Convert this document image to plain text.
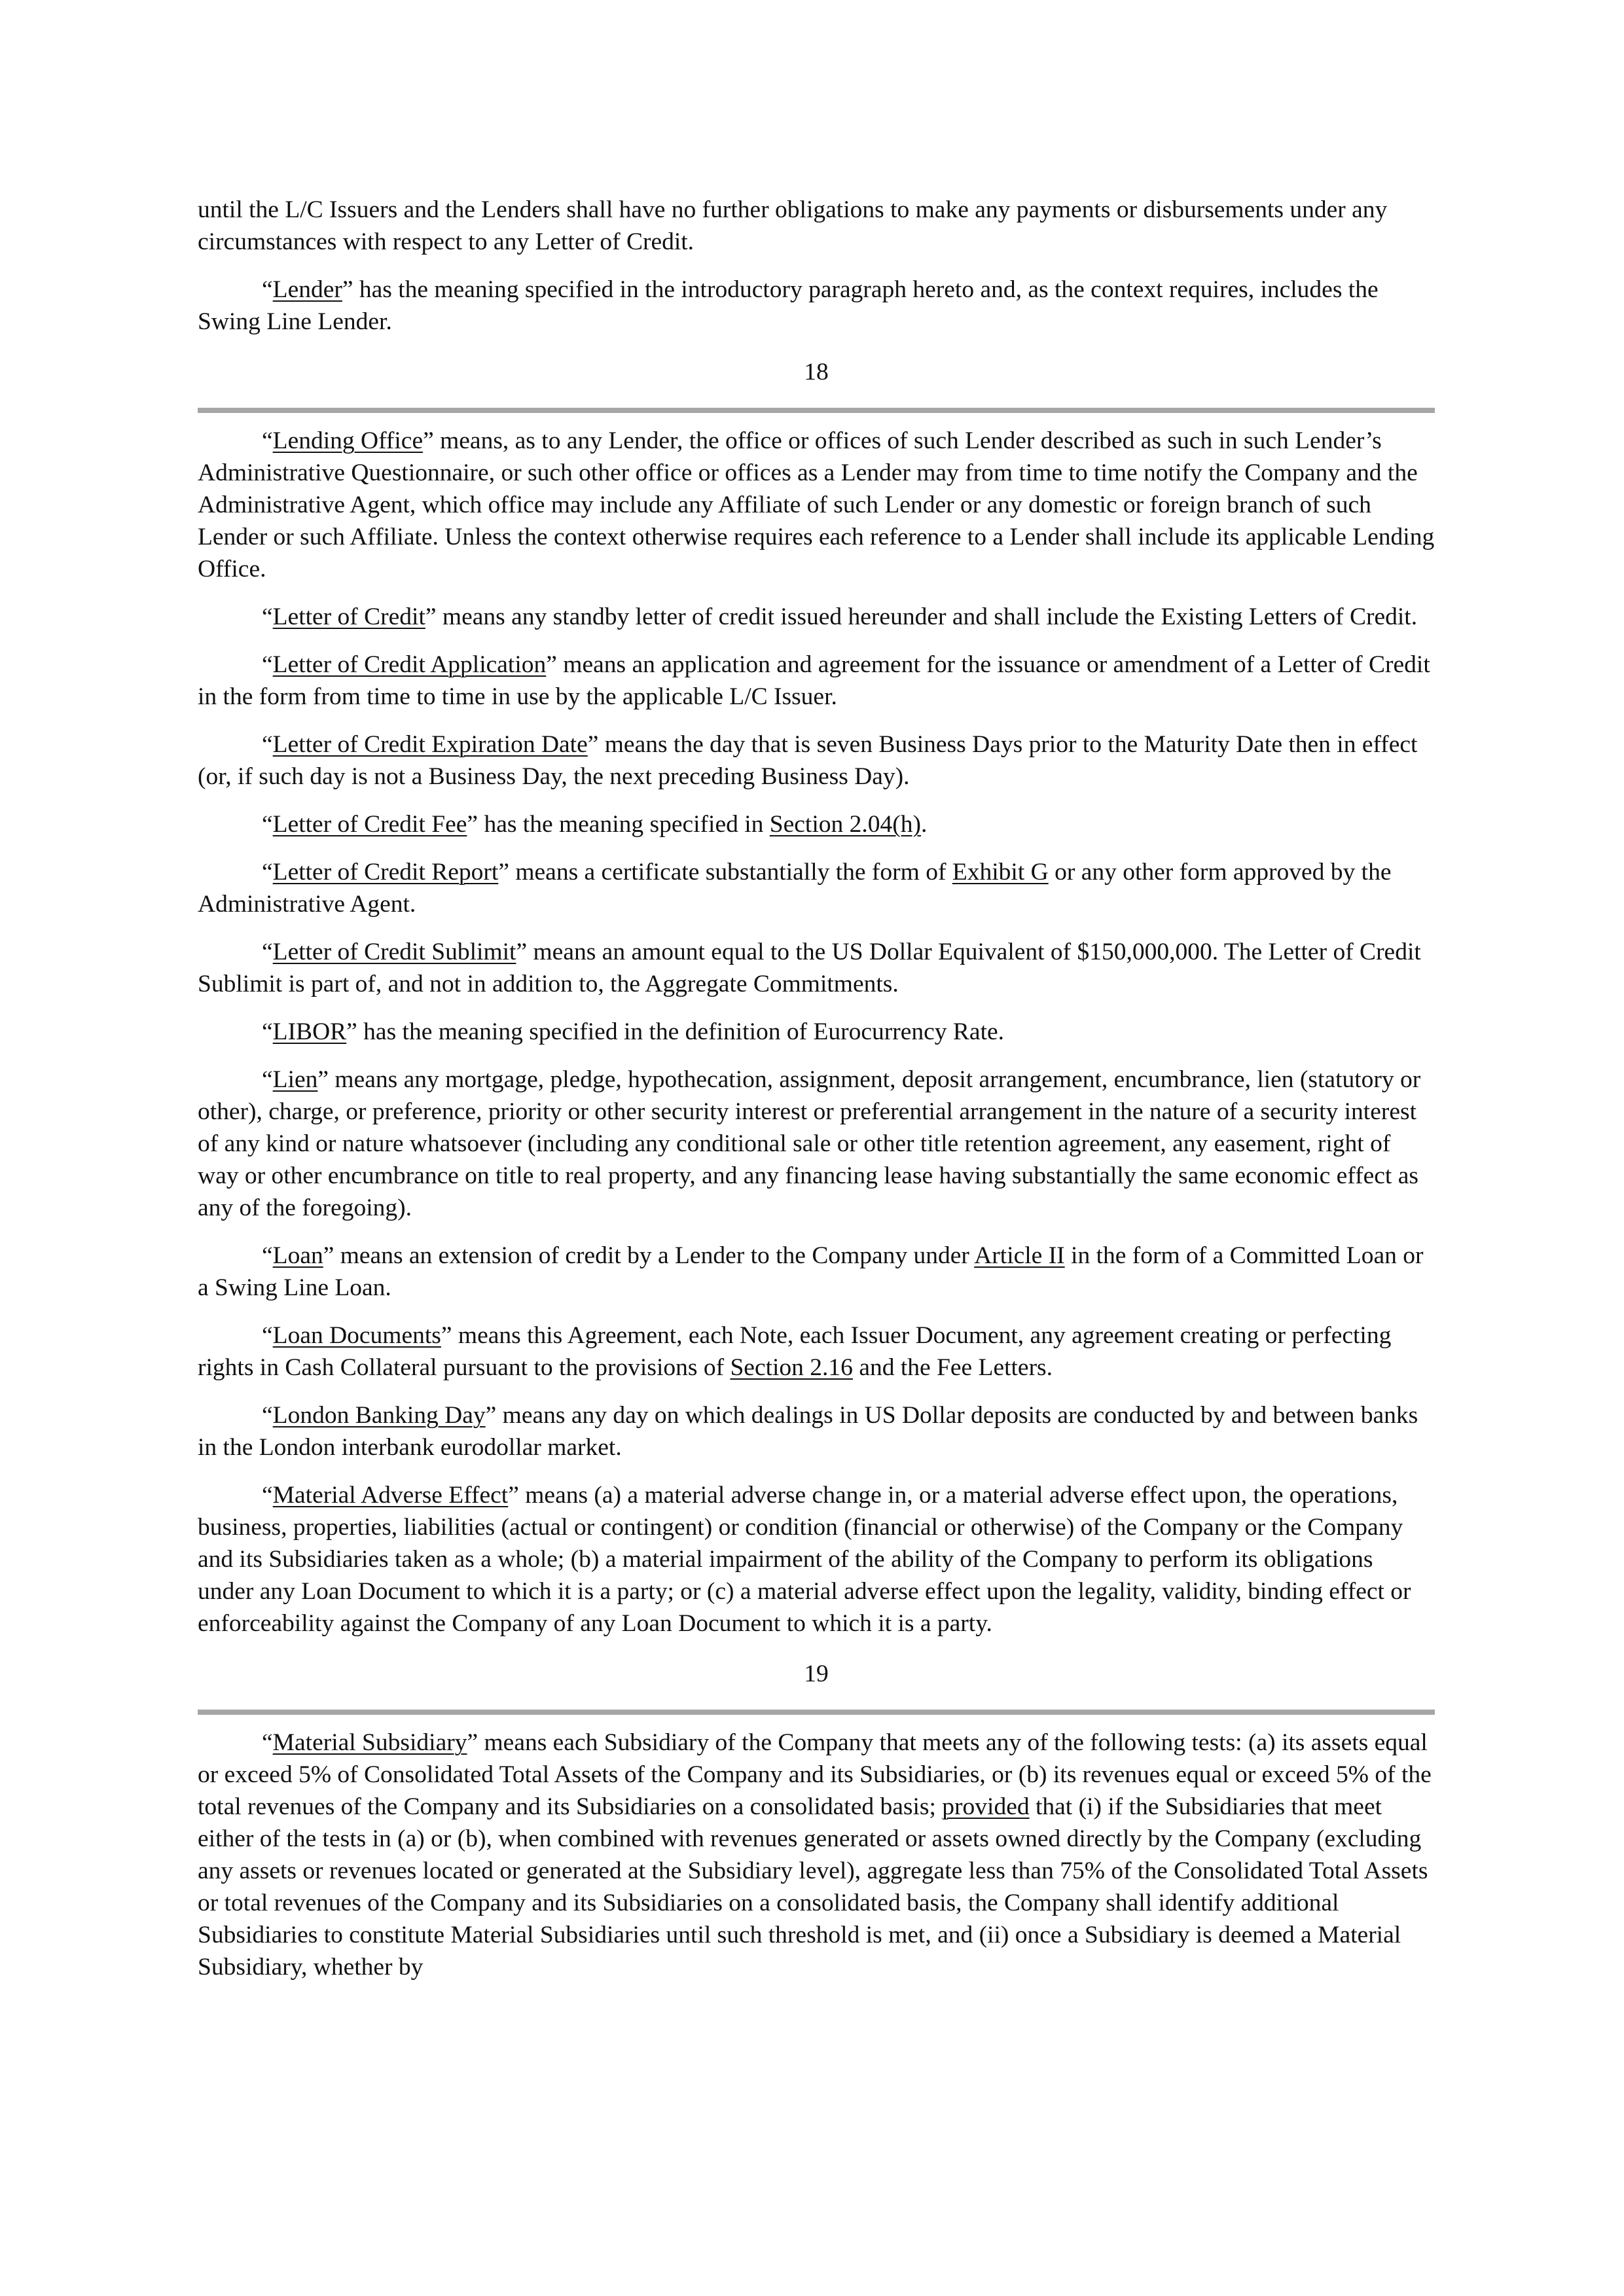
until the L/C Issuers and the Lenders shall have no further obligations to make any payments or disbursements under any circumstances with respect to any Letter of Credit.

“Lender” has the meaning specified in the introductory paragraph hereto and, as the context requires, includes the Swing Line Lender.

18

“Lending Office” means, as to any Lender, the office or offices of such Lender described as such in such Lender’s Administrative Questionnaire, or such other office or offices as a Lender may from time to time notify the Company and the Administrative Agent, which office may include any Affiliate of such Lender or any domestic or foreign branch of such Lender or such Affiliate. Unless the context otherwise requires each reference to a Lender shall include its applicable Lending Office.

“Letter of Credit” means any standby letter of credit issued hereunder and shall include the Existing Letters of Credit.

“Letter of Credit Application” means an application and agreement for the issuance or amendment of a Letter of Credit in the form from time to time in use by the applicable L/C Issuer.

“Letter of Credit Expiration Date” means the day that is seven Business Days prior to the Maturity Date then in effect (or, if such day is not a Business Day, the next preceding Business Day).

“Letter of Credit Fee” has the meaning specified in Section 2.04(h).

“Letter of Credit Report” means a certificate substantially the form of Exhibit G or any other form approved by the Administrative Agent.

“Letter of Credit Sublimit” means an amount equal to the US Dollar Equivalent of $150,000,000. The Letter of Credit Sublimit is part of, and not in addition to, the Aggregate Commitments.

“LIBOR” has the meaning specified in the definition of Eurocurrency Rate.

“Lien” means any mortgage, pledge, hypothecation, assignment, deposit arrangement, encumbrance, lien (statutory or other), charge, or preference, priority or other security interest or preferential arrangement in the nature of a security interest of any kind or nature whatsoever (including any conditional sale or other title retention agreement, any easement, right of way or other encumbrance on title to real property, and any financing lease having substantially the same economic effect as any of the foregoing).

“Loan” means an extension of credit by a Lender to the Company under Article II in the form of a Committed Loan or a Swing Line Loan.

“Loan Documents” means this Agreement, each Note, each Issuer Document, any agreement creating or perfecting rights in Cash Collateral pursuant to the provisions of Section 2.16 and the Fee Letters.

“London Banking Day” means any day on which dealings in US Dollar deposits are conducted by and between banks in the London interbank eurodollar market.

“Material Adverse Effect” means (a) a material adverse change in, or a material adverse effect upon, the operations, business, properties, liabilities (actual or contingent) or condition (financial or otherwise) of the Company or the Company and its Subsidiaries taken as a whole; (b) a material impairment of the ability of the Company to perform its obligations under any Loan Document to which it is a party; or (c) a material adverse effect upon the legality, validity, binding effect or enforceability against the Company of any Loan Document to which it is a party.

19

“Material Subsidiary” means each Subsidiary of the Company that meets any of the following tests: (a) its assets equal or exceed 5% of Consolidated Total Assets of the Company and its Subsidiaries, or (b) its revenues equal or exceed 5% of the total revenues of the Company and its Subsidiaries on a consolidated basis; provided that (i) if the Subsidiaries that meet either of the tests in (a) or (b), when combined with revenues generated or assets owned directly by the Company (excluding any assets or revenues located or generated at the Subsidiary level), aggregate less than 75% of the Consolidated Total Assets or total revenues of the Company and its Subsidiaries on a consolidated basis, the Company shall identify additional Subsidiaries to constitute Material Subsidiaries until such threshold is met, and (ii) once a Subsidiary is deemed a Material Subsidiary, whether by
